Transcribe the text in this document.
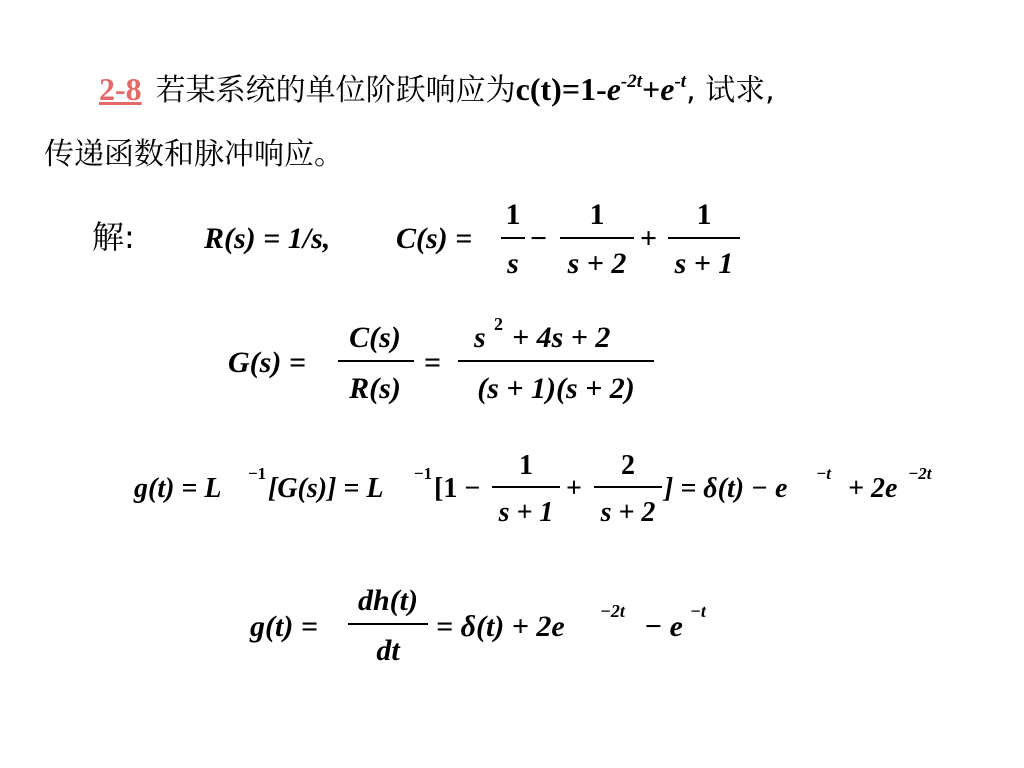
2-8 若某系统的单位阶跃响应为$c(t)=1-e^{-2t}+e^{-t}$, 试求,
传递函数和脉冲响应。
解: R(s) = 1/s, C(s) =
1
s
−
1
s + 2
+
1
s + 1
G(s) =
C(s)
R(s)
=
s 2 + 4s + 2
(s + 1)(s + 2)
g(t) = L −1 [G(s)] = L −1 [1 −
1
s + 1
+
2
s + 2
] = δ(t) − e −t + 2e −2t
g(t) =
dh(t)
dt
= δ(t) + 2e −2t − e −t
